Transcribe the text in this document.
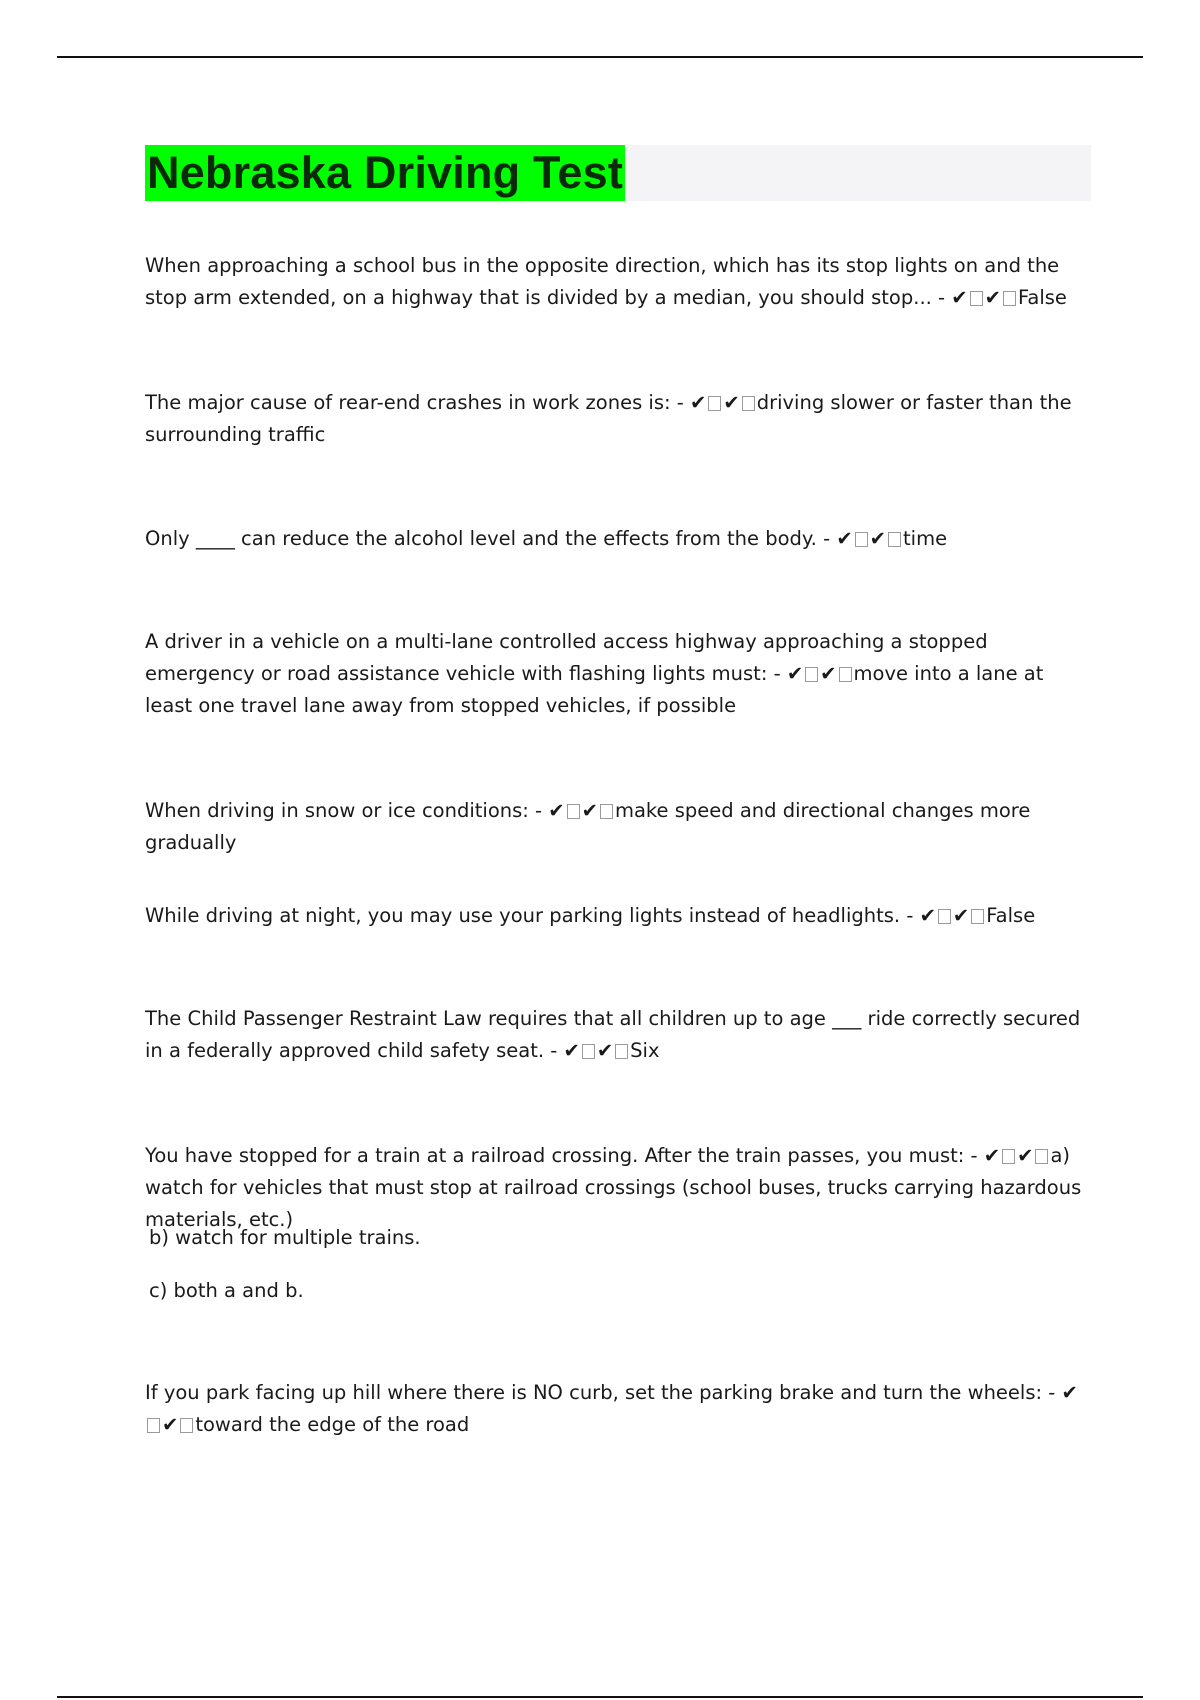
Nebraska Driving Test

When approaching a school bus in the opposite direction, which has its stop lights on and the stop arm extended, on a highway that is divided by a median, you should stop... - ✔ ✔ False

The major cause of rear-end crashes in work zones is: - ✔ ✔ driving slower or faster than the surrounding traffic

Only ____ can reduce the alcohol level and the effects from the body. - ✔ ✔ time

A driver in a vehicle on a multi-lane controlled access highway approaching a stopped emergency or road assistance vehicle with flashing lights must: - ✔ ✔ move into a lane at least one travel lane away from stopped vehicles, if possible

When driving in snow or ice conditions: - ✔ ✔ make speed and directional changes more gradually

While driving at night, you may use your parking lights instead of headlights. - ✔ ✔ False

The Child Passenger Restraint Law requires that all children up to age ___ ride correctly secured in a federally approved child safety seat. - ✔ ✔ Six

You have stopped for a train at a railroad crossing. After the train passes, you must: - ✔ ✔ a) watch for vehicles that must stop at railroad crossings (school buses, trucks carrying hazardous materials, etc.)

b) watch for multiple trains.

c) both a and b.

If you park facing up hill where there is NO curb, set the parking brake and turn the wheels: - ✔✔ toward the edge of the road
